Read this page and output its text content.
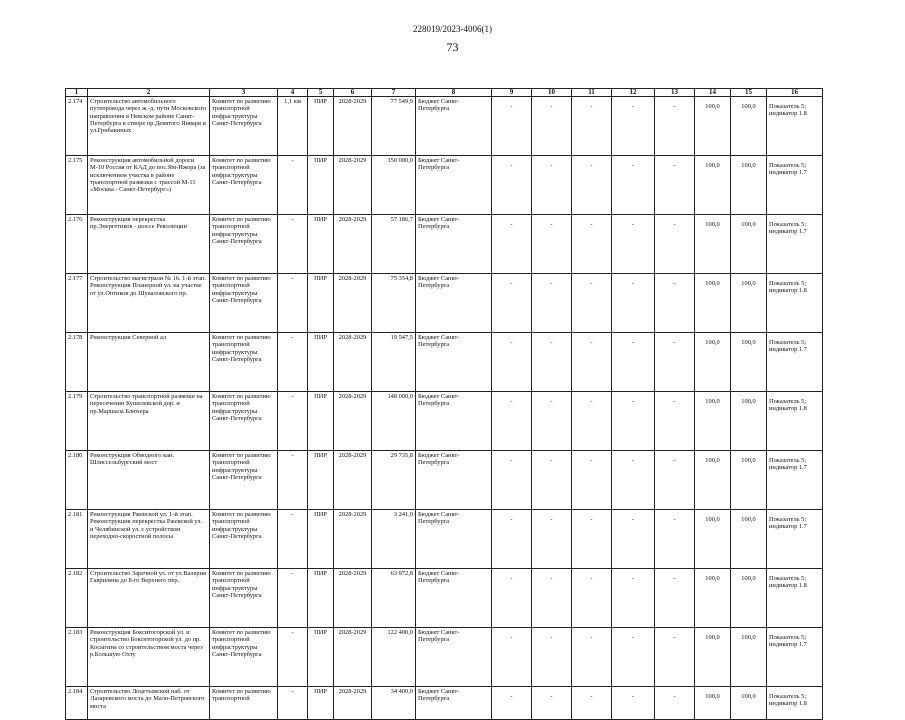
228019/2023-4006(1)
73
1	2	3	4	5	6	7	8	9	10	11	12	13	14	15	16
2.174	Строительство автомобильного путепровода через ж.-д. пути Московского направления в Невском районе Санкт-Петербурга в створе пр.Девятого Января и ул.Грибакиных	Комитет по развитию транспортной инфраструктуры Санкт-Петербурга	1,1 км	ПИР	2028-2029	77 549,9	Бюджет Санкт-Петербурга	-	-	-	-	-	100,0	100,0	Показатель 5; индикатор 1.8
2.175	Реконструкция автомобильной дороги М-10 Россия от КАД до пос.Ям-Ижора (за исключением участка в районе транспортной развязки с трассой М-11 «Москва - Санкт-Петербург»)	Комитет по развитию транспортной инфраструктуры Санкт-Петербурга	-	ПИР	2028-2029	150 000,0	Бюджет Санкт-Петербурга	-	-	-	-	-	100,0	100,0	Показатель 5; индикатор 1.7
2.176	Реконструкция перекрестка пр.Энергетиков - шоссе Революции	Комитет по развитию транспортной инфраструктуры Санкт-Петербурга	-	ПИР	2028-2029	57 186,7	Бюджет Санкт-Петербурга	-	-	-	-	-	100,0	100,0	Показатель 5; индикатор 1.7
2.177	Строительство магистрали № 16. 1-й этап. Реконструкция Планерной ул. на участке от ул.Оптиков до Шуваловского пр.	Комитет по развитию транспортной инфраструктуры Санкт-Петербурга	-	ПИР	2028-2029	75 354,8	Бюджет Санкт-Петербурга	-	-	-	-	-	100,0	100,0	Показатель 5; индикатор 1.8
2.178	Реконструкция Северной ал	Комитет по развитию транспортной инфраструктуры Санкт-Петербурга	-	ПИР	2028-2029	19 547,5	Бюджет Санкт-Петербурга	-	-	-	-	-	100,0	100,0	Показатель 5; индикатор 1.7
2.179	Строительство транспортной развязки на пересечении Кушелевской дор. и пр.Маршала Блюхера	Комитет по развитию транспортной инфраструктуры Санкт-Петербурга	-	ПИР	2028-2029	148 000,0	Бюджет Санкт-Петербурга	-	-	-	-	-	100,0	100,0	Показатель 5; индикатор 1.8
2.180	Реконструкция Обводного кан. Шлиссельбургский мост	Комитет по развитию транспортной инфраструктуры Санкт-Петербурга	-	ПИР	2028-2029	29 735,8	Бюджет Санкт-Петербурга	-	-	-	-	-	100,0	100,0	Показатель 5; индикатор 1.7
2.181	Реконструкция Ржевской ул. 1-й этап. Реконструкция перекрестка Ржевской ул. и Челябинской ул. с устройством переходно-скоростной полосы	Комитет по развитию транспортной инфраструктуры Санкт-Петербурга	-	ПИР	2028-2029	3 241,0	Бюджет Санкт-Петербурга	-	-	-	-	-	100,0	100,0	Показатель 5; индикатор 1.7
2.182	Строительство Заречной ул. от ул.Валерия Гаврилина до 8-го Верхнего пер.	Комитет по развитию транспортной инфраструктуры Санкт-Петербурга	-	ПИР	2028-2029	63 972,8	Бюджет Санкт-Петербурга	-	-	-	-	-	100,0	100,0	Показатель 5; индикатор 1.8
2.183	Реконструкция Бокситогорской ул. и строительство Бокситогорской ул. до пр. Косыгина со строительством моста через р.Большую Охту	Комитет по развитию транспортной инфраструктуры Санкт-Петербурга	-	ПИР	2028-2029	122 400,0	Бюджет Санкт-Петербурга	-	-	-	-	-	100,0	100,0	Показатель 5; индикатор 1.7
2.184	Строительство Лоцетьевской наб. от Лазаревского моста до Мало-Петровского моста	Комитет по развитию транспортной	-	ПИР	2028-2029	34 400,0	Бюджет Санкт-Петербурга	-	-	-	-	-	100,0	100,0	Показатель 5; индикатор 1.8
